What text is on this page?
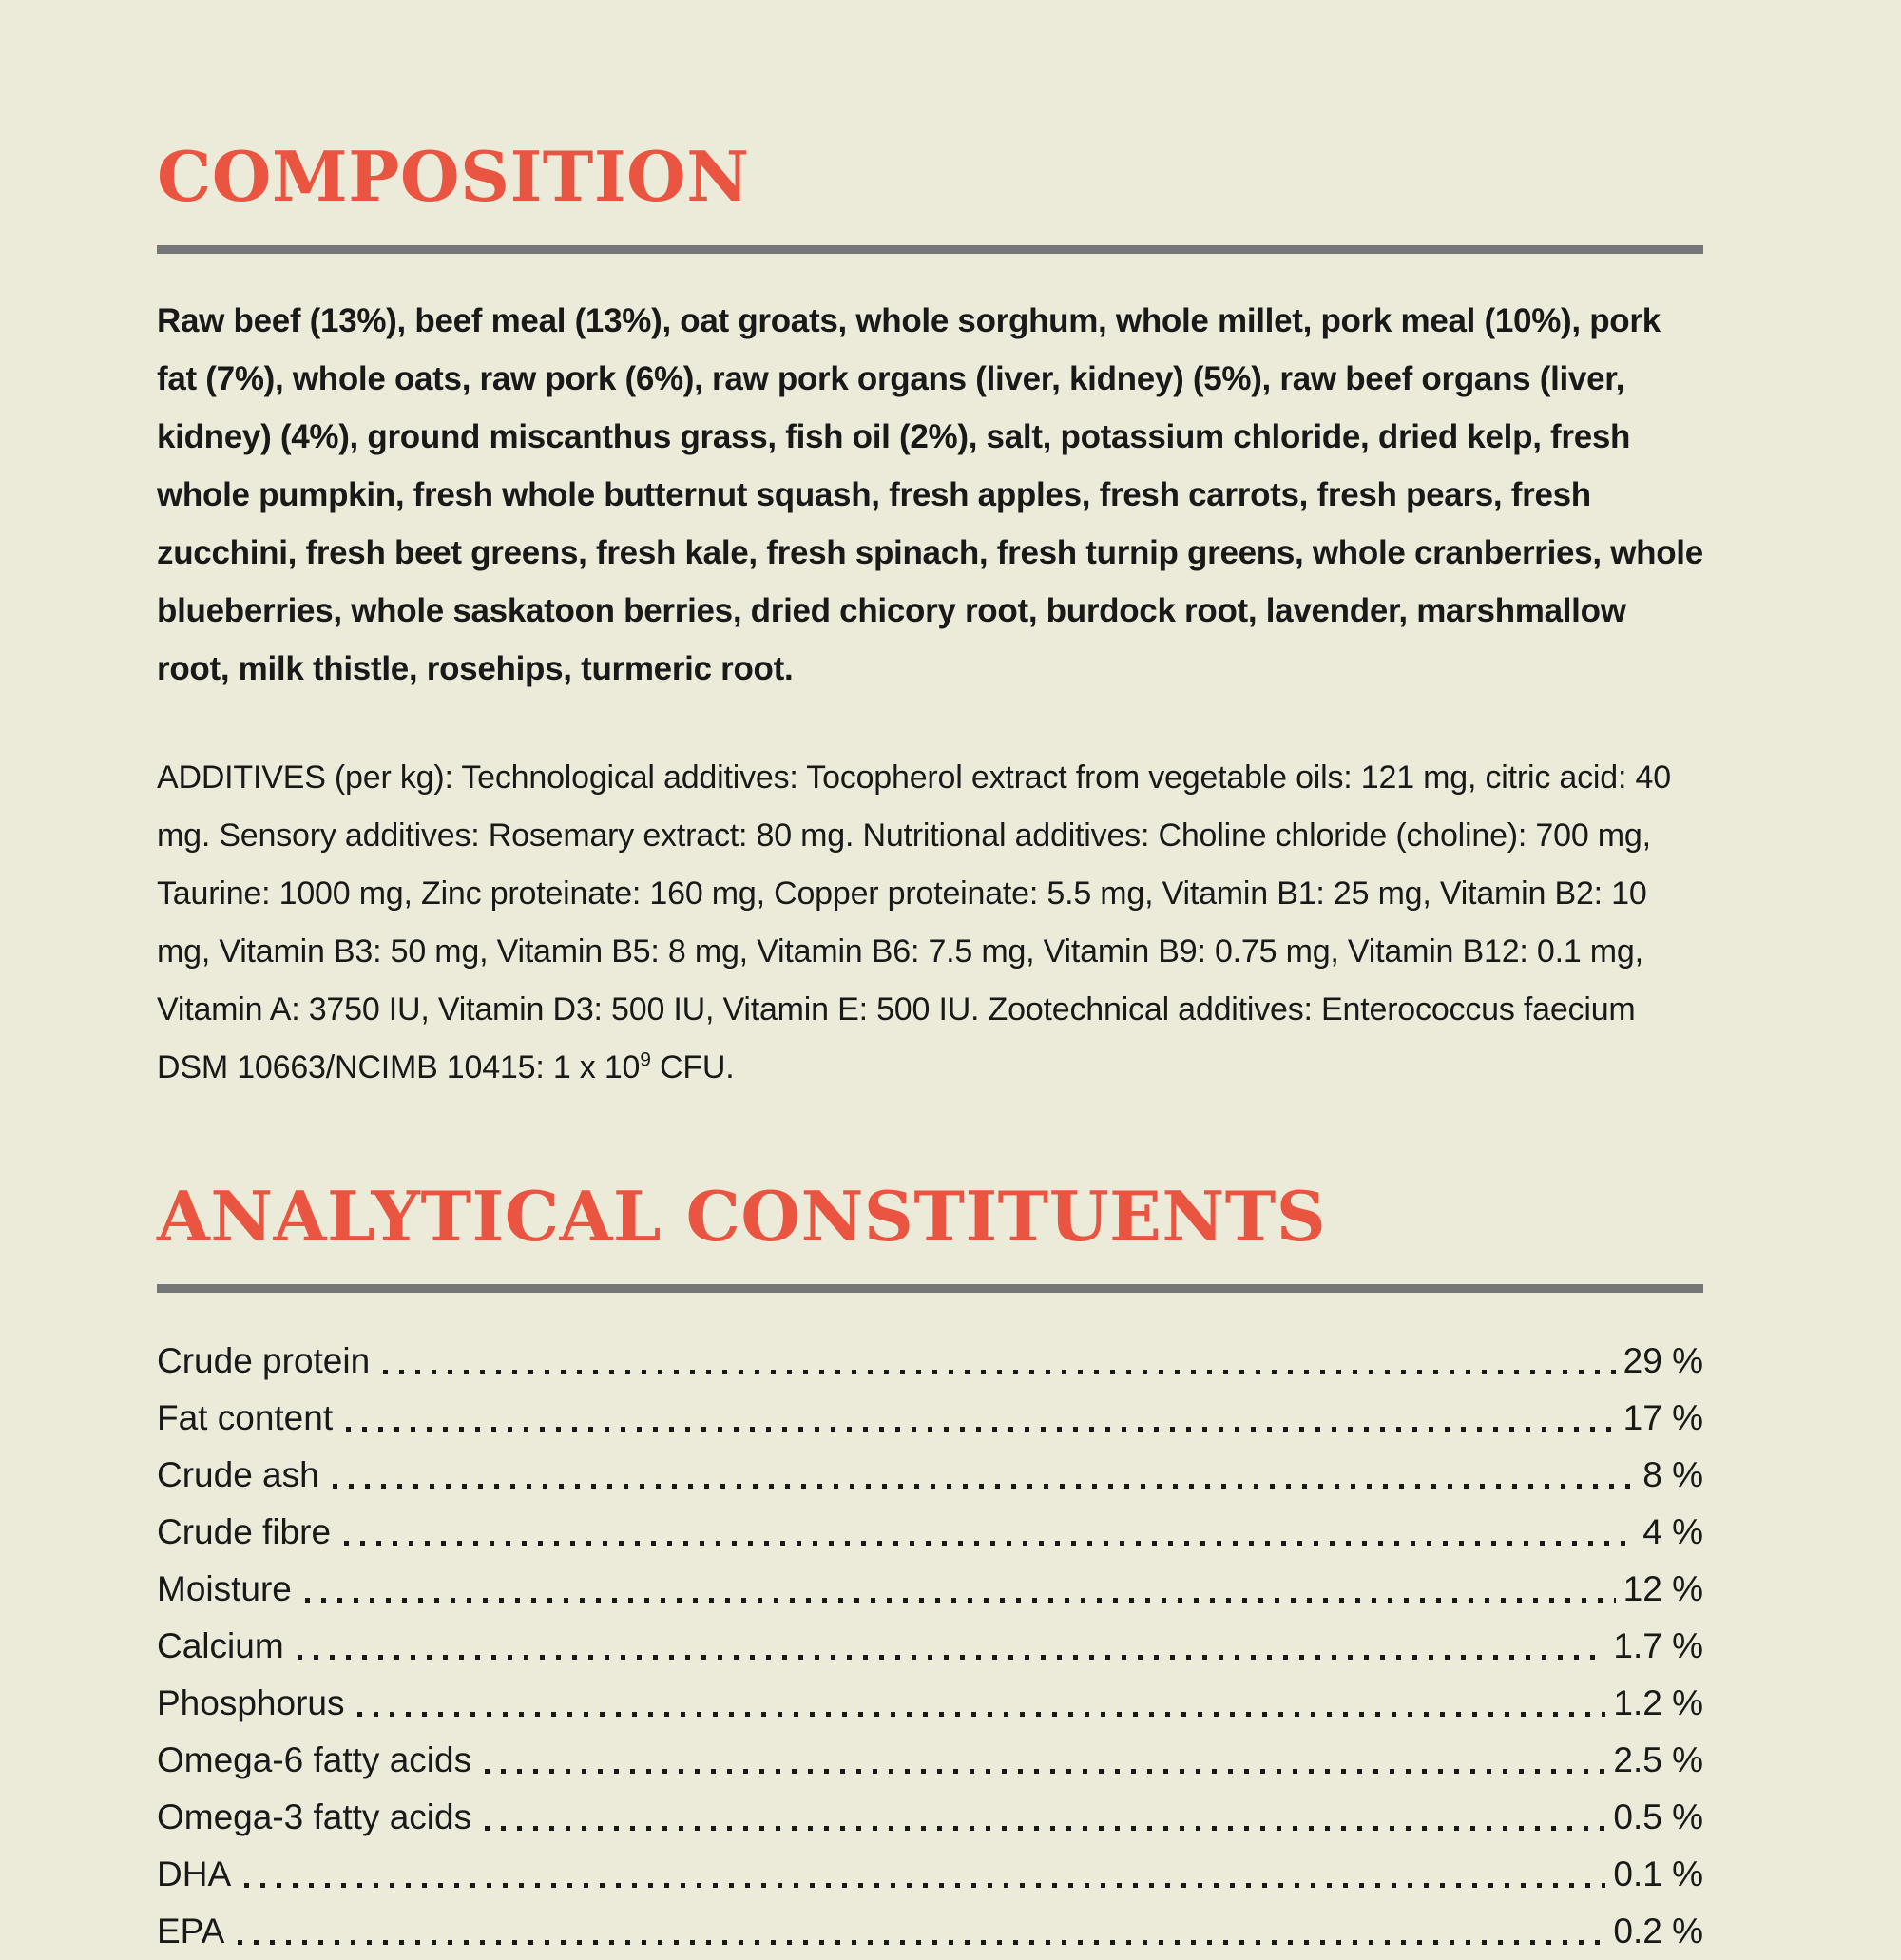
COMPOSITION

Raw beef (13%), beef meal (13%), oat groats, whole sorghum, whole millet, pork meal (10%), pork fat (7%), whole oats, raw pork (6%), raw pork organs (liver, kidney) (5%), raw beef organs (liver, kidney) (4%), ground miscanthus grass, fish oil (2%), salt, potassium chloride, dried kelp, fresh whole pumpkin, fresh whole butternut squash, fresh apples, fresh carrots, fresh pears, fresh zucchini, fresh beet greens, fresh kale, fresh spinach, fresh turnip greens, whole cranberries, whole blueberries, whole saskatoon berries, dried chicory root, burdock root, lavender, marshmallow root, milk thistle, rosehips, turmeric root.

ADDITIVES (per kg): Technological additives: Tocopherol extract from vegetable oils: 121 mg, citric acid: 40 mg. Sensory additives: Rosemary extract: 80 mg. Nutritional additives: Choline chloride (choline): 700 mg, Taurine: 1000 mg, Zinc proteinate: 160 mg, Copper proteinate: 5.5 mg, Vitamin B1: 25 mg, Vitamin B2: 10 mg, Vitamin B3: 50 mg, Vitamin B5: 8 mg, Vitamin B6: 7.5 mg, Vitamin B9: 0.75 mg, Vitamin B12: 0.1 mg, Vitamin A: 3750 IU, Vitamin D3: 500 IU, Vitamin E: 500 IU. Zootechnical additives: Enterococcus faecium DSM 10663/NCIMB 10415: 1 x $10^9$ CFU.

ANALYTICAL CONSTITUENTS
Crude protein	29 %
Fat content	17 %
Crude ash	8 %
Crude fibre	4 %
Moisture	12 %
Calcium	1.7 %
Phosphorus	1.2 %
Omega-6 fatty acids	2.5 %
Omega-3 fatty acids	0.5 %
DHA	0.1 %
EPA	0.2 %
